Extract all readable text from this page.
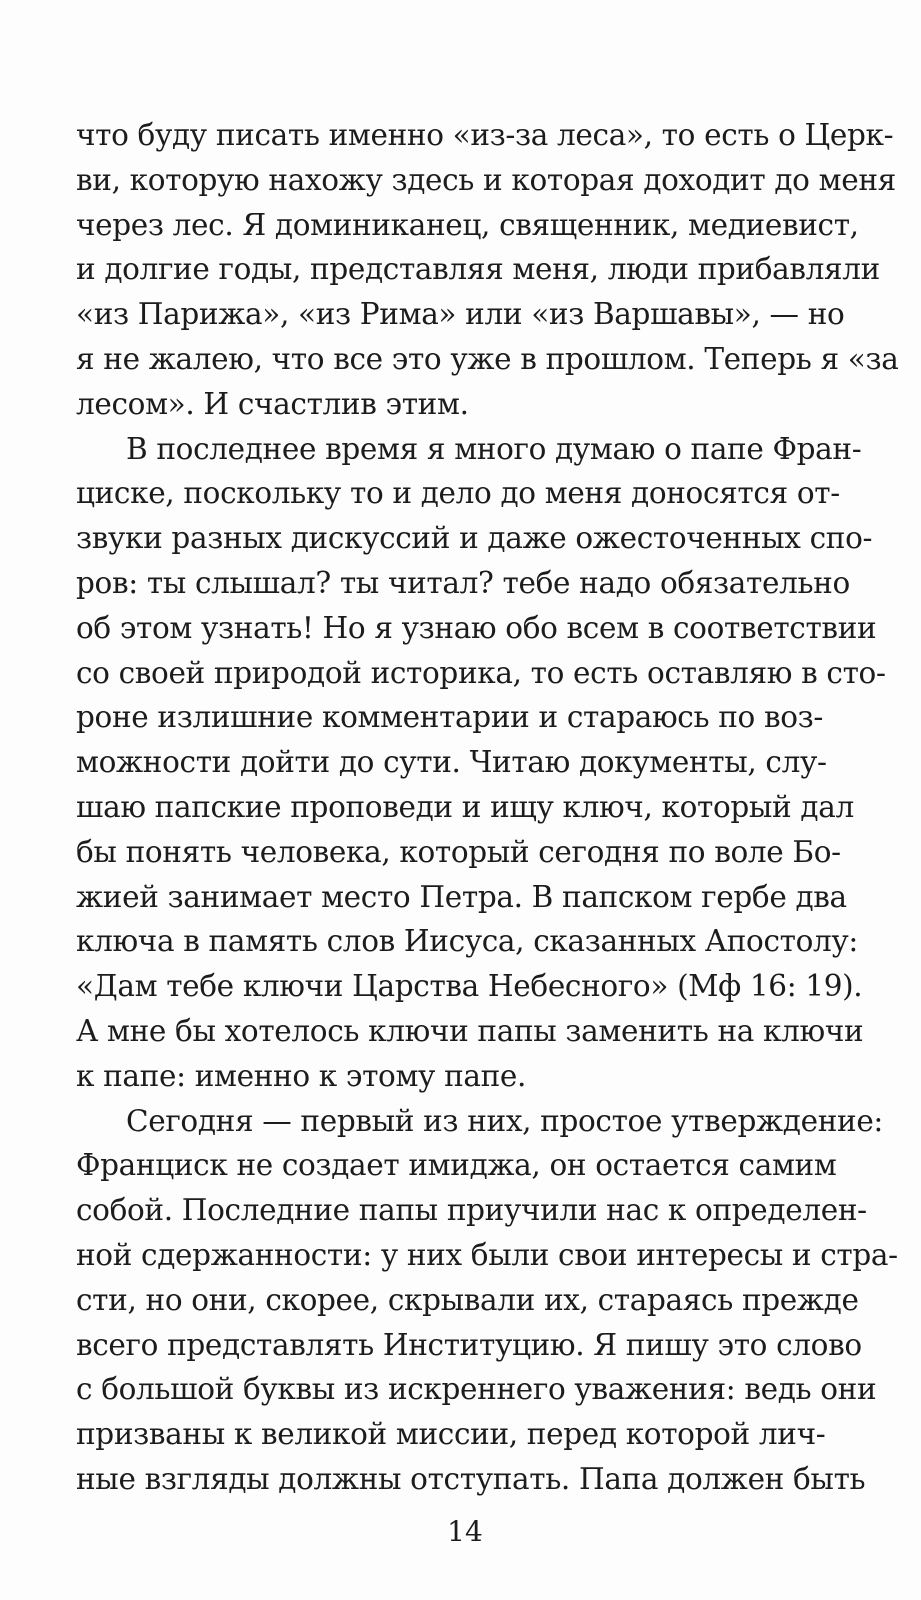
что буду писать именно «из-за леса», то есть о Церк-
ви, которую нахожу здесь и которая доходит до меня
через лес. Я доминиканец, священник, медиевист,
и долгие годы, представляя меня, люди прибавляли
«из Парижа», «из Рима» или «из Варшавы», — но
я не жалею, что все это уже в прошлом. Теперь я «за
лесом». И счастлив этим.
В последнее время я много думаю о папе Фран-
циске, поскольку то и дело до меня доносятся от-
звуки разных дискуссий и даже ожесточенных спо-
ров: ты слышал? ты читал? тебе надо обязательно
об этом узнать! Но я узнаю обо всем в соответствии
со своей природой историка, то есть оставляю в сто-
роне излишние комментарии и стараюсь по воз-
можности дойти до сути. Читаю документы, слу-
шаю папские проповеди и ищу ключ, который дал
бы понять человека, который сегодня по воле Бо-
жией занимает место Петра. В папском гербе два
ключа в память слов Иисуса, сказанных Апостолу:
«Дам тебе ключи Царства Небесного» (Мф 16: 19).
А мне бы хотелось ключи папы заменить на ключи
к папе: именно к этому папе.
Сегодня — первый из них, простое утверждение:
Франциск не создает имиджа, он остается самим
собой. Последние папы приучили нас к определен-
ной сдержанности: у них были свои интересы и стра-
сти, но они, скорее, скрывали их, стараясь прежде
всего представлять Институцию. Я пишу это слово
с большой буквы из искреннего уважения: ведь они
призваны к великой миссии, перед которой лич-
ные взгляды должны отступать. Папа должен быть
14
